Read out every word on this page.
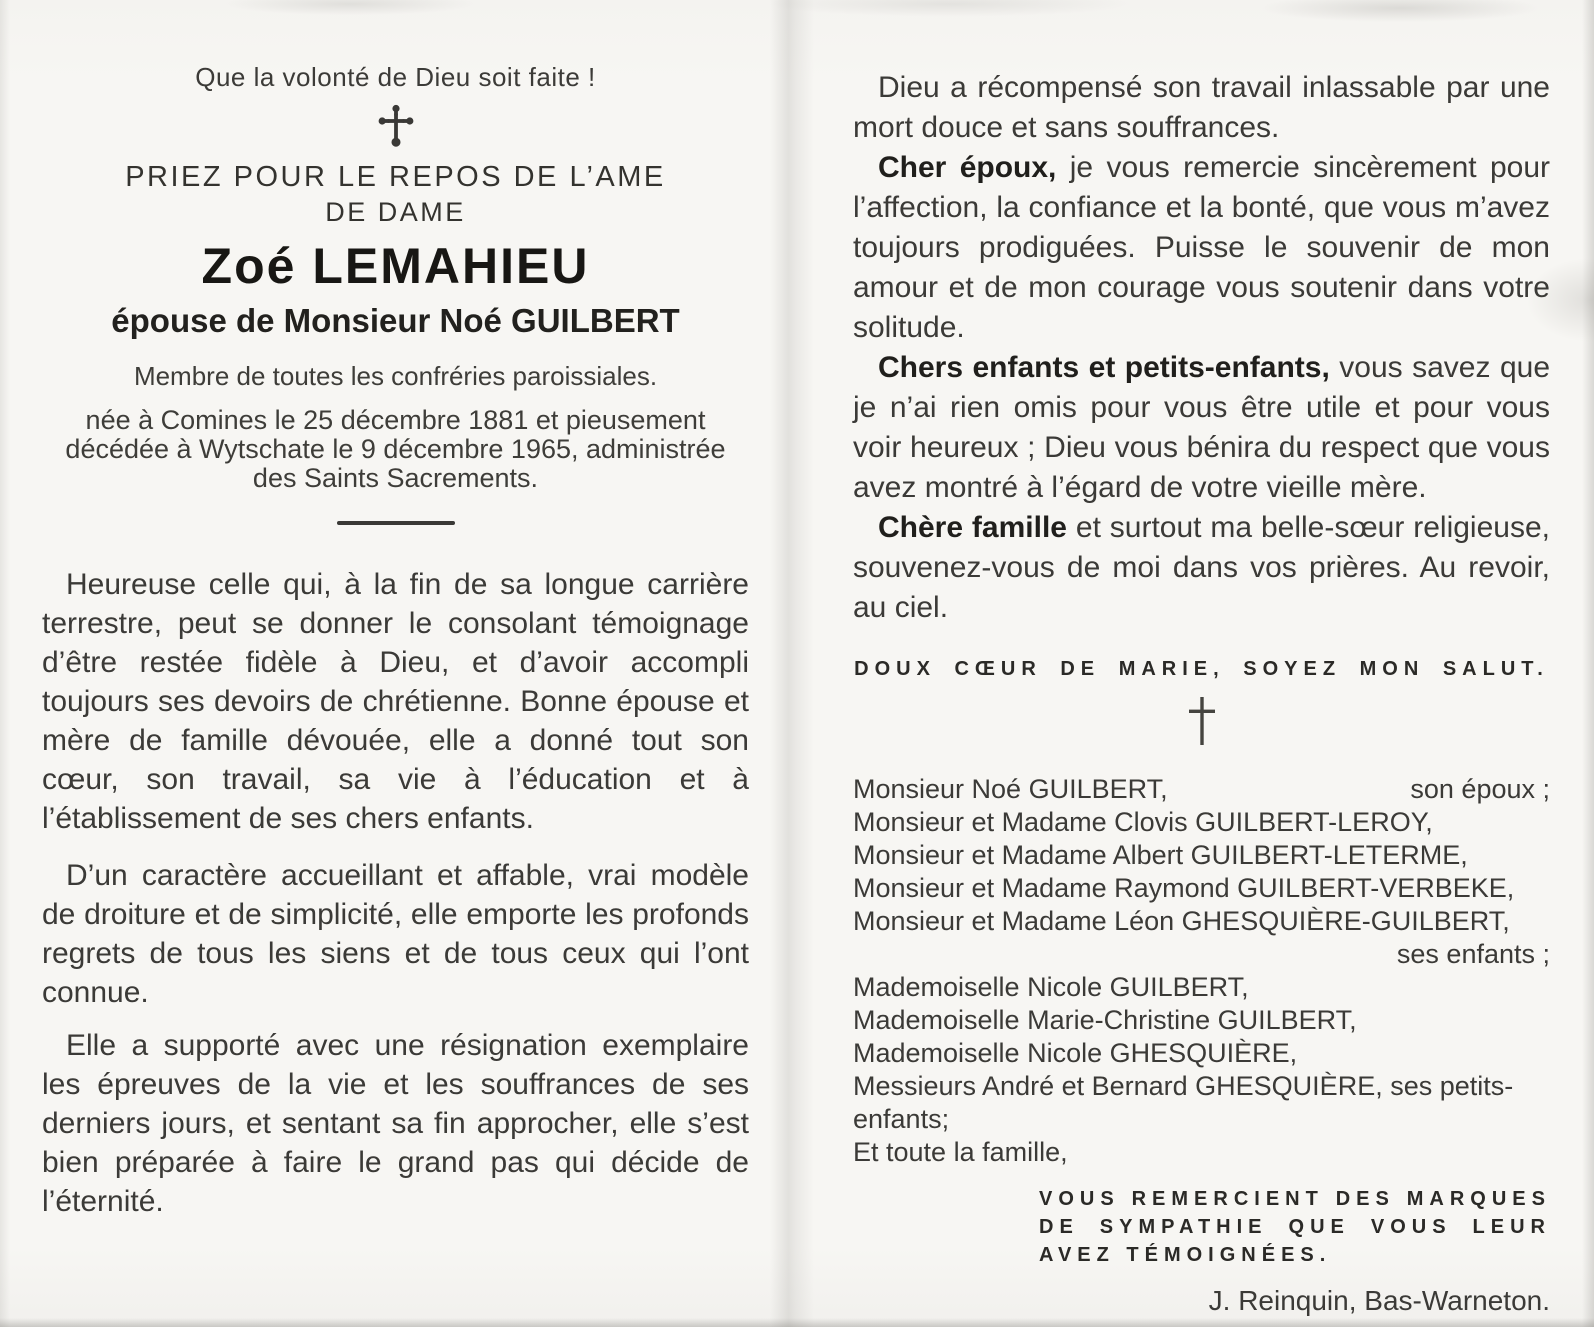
Que la volonté de Dieu soit faite !
PRIEZ POUR LE REPOS DE L’AME
DE DAME
Zoé LEMAHIEU
épouse de Monsieur Noé GUILBERT
Membre de toutes les confréries paroissiales.
née à Comines le 25 décembre 1881 et pieusement décédée à Wytschate le 9 décembre 1965, administrée des Saints Sacrements.

Heureuse celle qui, à la fin de sa longue carrière terrestre, peut se donner le consolant témoignage d’être restée fidèle à Dieu, et d’avoir accompli toujours ses devoirs de chrétienne. Bonne épouse et mère de famille dévouée, elle a donné tout son cœur, son travail, sa vie à l’éducation et à l’établissement de ses chers enfants.

D’un caractère accueillant et affable, vrai modèle de droiture et de simplicité, elle emporte les profonds regrets de tous les siens et de tous ceux qui l’ont connue.

Elle a supporté avec une résignation exemplaire les épreuves de la vie et les souffrances de ses derniers jours, et sentant sa fin approcher, elle s’est bien préparée à faire le grand pas qui décide de l’éternité.

Dieu a récompensé son travail inlassable par une mort douce et sans souffrances.

Cher époux, je vous remercie sincèrement pour l’affection, la confiance et la bonté, que vous m’avez toujours prodiguées. Puisse le souvenir de mon amour et de mon courage vous soutenir dans votre solitude.

Chers enfants et petits-enfants, vous savez que je n’ai rien omis pour vous être utile et pour vous voir heureux ; Dieu vous bénira du respect que vous avez montré à l’égard de votre vieille mère.

Chère famille et surtout ma belle-sœur religieuse, souvenez-vous de moi dans vos prières. Au revoir, au ciel.

DOUX CŒUR DE MARIE, SOYEZ MON SALUT.
Monsieur Noé GUILBERT,	son époux ;
Monsieur et Madame Clovis GUILBERT-LEROY,
Monsieur et Madame Albert GUILBERT-LETERME,
Monsieur et Madame Raymond GUILBERT-VERBEKE,
Monsieur et Madame Léon GHESQUIÈRE-GUILBERT,
ses enfants ;
Mademoiselle Nicole GUILBERT,
Mademoiselle Marie-Christine GUILBERT,
Mademoiselle Nicole GHESQUIÈRE,
Messieurs André et Bernard GHESQUIÈRE, ses petits-enfants;
Et toute la famille,
VOUS REMERCIENT DES MARQUES
DE SYMPATHIE QUE VOUS LEUR
AVEZ TÉMOIGNÉES.
J. Reinquin, Bas-Warneton.
